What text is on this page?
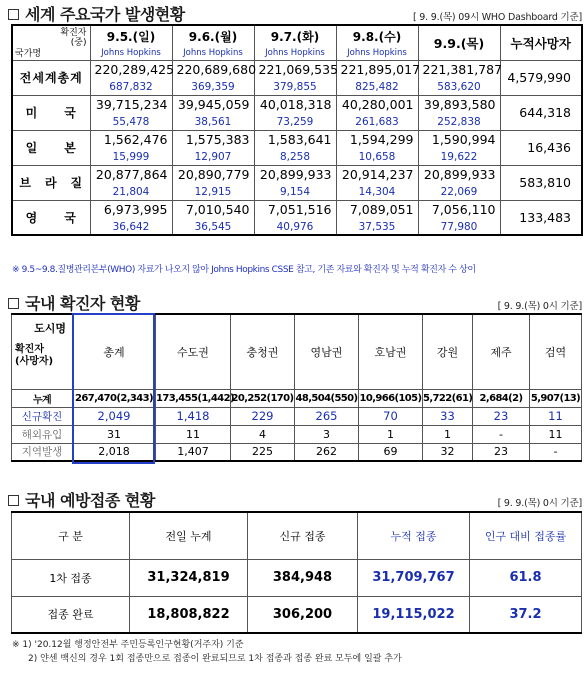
세계 주요국가 발생현황	[ 9. 9.(목) 09시 WHO Dashboard 기준]
확진자
(중)
국가명	9.5.(일)	9.6.(월)	9.7.(화)	9.8.(수)	9.9.(목)	누적사망자
	Johns Hopkins	Johns Hopkins	Johns Hopkins	Johns Hopkins		
전세계총계	220,289,425	220,689,680	221,069,535	221,895,017	221,381,787	4,579,990
	687,832	369,359	379,855	825,482	583,620	
미　　국	39,715,234	39,945,059	40,018,318	40,280,001	39,893,580	644,318
	55,478	38,561	73,259	261,683	252,838	
일　　본	1,562,476	1,575,383	1,583,641	1,594,299	1,590,994	16,436
	15,999	12,907	8,258	10,658	19,622	
브　라　질	20,877,864	20,890,779	20,899,933	20,914,237	20,899,933	583,810
	21,804	12,915	9,154	14,304	22,069	
영　　국	6,973,995	7,010,540	7,051,516	7,089,051	7,056,110	133,483
	36,642	36,545	40,976	37,535	77,980	
※ 9.5~9.8.질병관리본부(WHO) 자료가 나오지 않아 Johns Hopkins CSSE 참고, 기존 자료와 확진자 및 누적 확진자 수 상이
국내 확진자 현황	[ 9. 9.(목) 0시 기준]
도시명
확진자
(사망자)	총계	수도권	충청권	영남권	호남권	강원	제주	검역
누계	267,470(2,343)	173,455(1,442)	20,252(170)	48,504(550)	10,966(105)	5,722(61)	2,684(2)	5,907(13)
신규확진	2,049	1,418	229	265	70	33	23	11
해외유입	31	11	4	3	1	1	-	11
지역발생	2,018	1,407	225	262	69	32	23	-
국내 예방접종 현황	[ 9. 9.(목) 0시 기준]
구 분	전일 누계	신규 접종	누적 접종	인구 대비 접종률
1차 접종	31,324,819	384,948	31,709,767	61.8
접종 완료	18,808,822	306,200	19,115,022	37.2
※ 1) '20.12월 행정안전부 주민등록인구현황(거주자) 기준
2) 얀센 백신의 경우 1회 접종만으로 접종이 완료되므로 1차 접종과 접종 완료 모두에 일괄 추가
